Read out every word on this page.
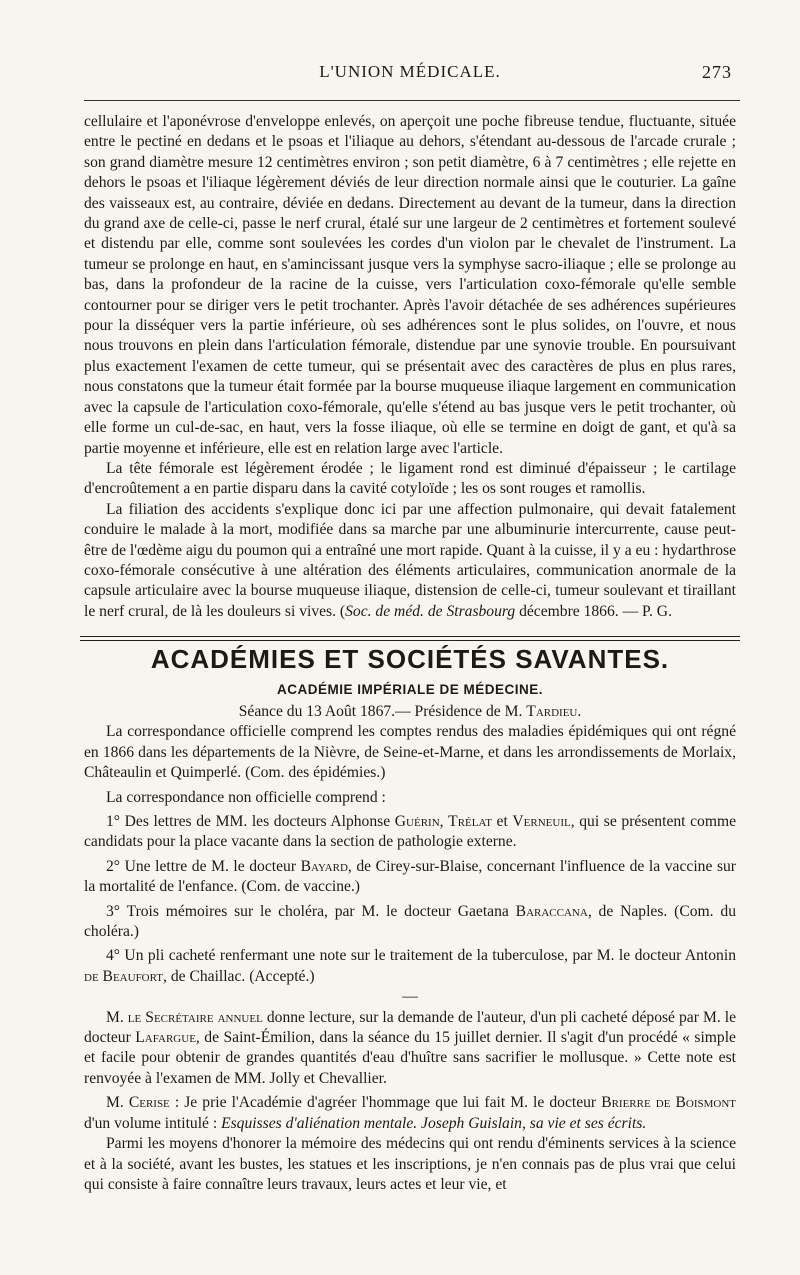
L'UNION MÉDICALE.	273

cellulaire et l'aponévrose d'enveloppe enlevés, on aperçoit une poche fibreuse tendue, fluctuante, située entre le pectiné en dedans et le psoas et l'iliaque au dehors, s'étendant au-dessous de l'arcade crurale ; son grand diamètre mesure 12 centimètres environ ; son petit diamètre, 6 à 7 centimètres ; elle rejette en dehors le psoas et l'iliaque légèrement déviés de leur direction normale ainsi que le couturier. La gaîne des vaisseaux est, au contraire, déviée en dedans. Directement au devant de la tumeur, dans la direction du grand axe de celle-ci, passe le nerf crural, étalé sur une largeur de 2 centimètres et fortement soulevé et distendu par elle, comme sont soulevées les cordes d'un violon par le chevalet de l'instrument. La tumeur se prolonge en haut, en s'amincissant jusque vers la symphyse sacro-iliaque ; elle se prolonge au bas, dans la profondeur de la racine de la cuisse, vers l'articulation coxo-fémorale qu'elle semble contourner pour se diriger vers le petit trochanter. Après l'avoir détachée de ses adhérences supérieures pour la disséquer vers la partie inférieure, où ses adhérences sont le plus solides, on l'ouvre, et nous nous trouvons en plein dans l'articulation fémorale, distendue par une synovie trouble. En poursuivant plus exactement l'examen de cette tumeur, qui se présentait avec des caractères de plus en plus rares, nous constatons que la tumeur était formée par la bourse muqueuse iliaque largement en communication avec la capsule de l'articulation coxo-fémorale, qu'elle s'étend au bas jusque vers le petit trochanter, où elle forme un cul-de-sac, en haut, vers la fosse iliaque, où elle se termine en doigt de gant, et qu'à sa partie moyenne et inférieure, elle est en relation large avec l'article.

La tête fémorale est légèrement érodée ; le ligament rond est diminué d'épaisseur ; le cartilage d'encroûtement a en partie disparu dans la cavité cotyloïde ; les os sont rouges et ramollis.

La filiation des accidents s'explique donc ici par une affection pulmonaire, qui devait fatalement conduire le malade à la mort, modifiée dans sa marche par une albuminurie intercurrente, cause peut-être de l'œdème aigu du poumon qui a entraîné une mort rapide. Quant à la cuisse, il y a eu : hydarthrose coxo-fémorale consécutive à une altération des éléments articulaires, communication anormale de la capsule articulaire avec la bourse muqueuse iliaque, distension de celle-ci, tumeur soulevant et tiraillant le nerf crural, de là les douleurs si vives. (Soc. de méd. de Strasbourg décembre 1866. — P. G.

ACADÉMIES ET SOCIÉTÉS SAVANTES.
ACADÉMIE IMPÉRIALE DE MÉDECINE.

Séance du 13 Août 1867.— Présidence de M. Tardieu.

La correspondance officielle comprend les comptes rendus des maladies épidémiques qui ont régné en 1866 dans les départements de la Nièvre, de Seine-et-Marne, et dans les arrondissements de Morlaix, Châteaulin et Quimperlé. (Com. des épidémies.)

La correspondance non officielle comprend :

1° Des lettres de MM. les docteurs Alphonse Guérin, Trélat et Verneuil, qui se présentent comme candidats pour la place vacante dans la section de pathologie externe.

2° Une lettre de M. le docteur Bayard, de Cirey-sur-Blaise, concernant l'influence de la vaccine sur la mortalité de l'enfance. (Com. de vaccine.)

3° Trois mémoires sur le choléra, par M. le docteur Gaetana Baraccana, de Naples. (Com. du choléra.)

4° Un pli cacheté renfermant une note sur le traitement de la tuberculose, par M. le docteur Antonin de Beaufort, de Chaillac. (Accepté.)

—

M. le Secrétaire annuel donne lecture, sur la demande de l'auteur, d'un pli cacheté déposé par M. le docteur Lafargue, de Saint-Émilion, dans la séance du 15 juillet dernier. Il s'agit d'un procédé « simple et facile pour obtenir de grandes quantités d'eau d'huître sans sacrifier le mollusque. » Cette note est renvoyée à l'examen de MM. Jolly et Chevallier.

M. Cerise : Je prie l'Académie d'agréer l'hommage que lui fait M. le docteur Brierre de Boismont d'un volume intitulé : Esquisses d'aliénation mentale. Joseph Guislain, sa vie et ses écrits.

Parmi les moyens d'honorer la mémoire des médecins qui ont rendu d'éminents services à la science et à la société, avant les bustes, les statues et les inscriptions, je n'en connais pas de plus vrai que celui qui consiste à faire connaître leurs travaux, leurs actes et leur vie, et
